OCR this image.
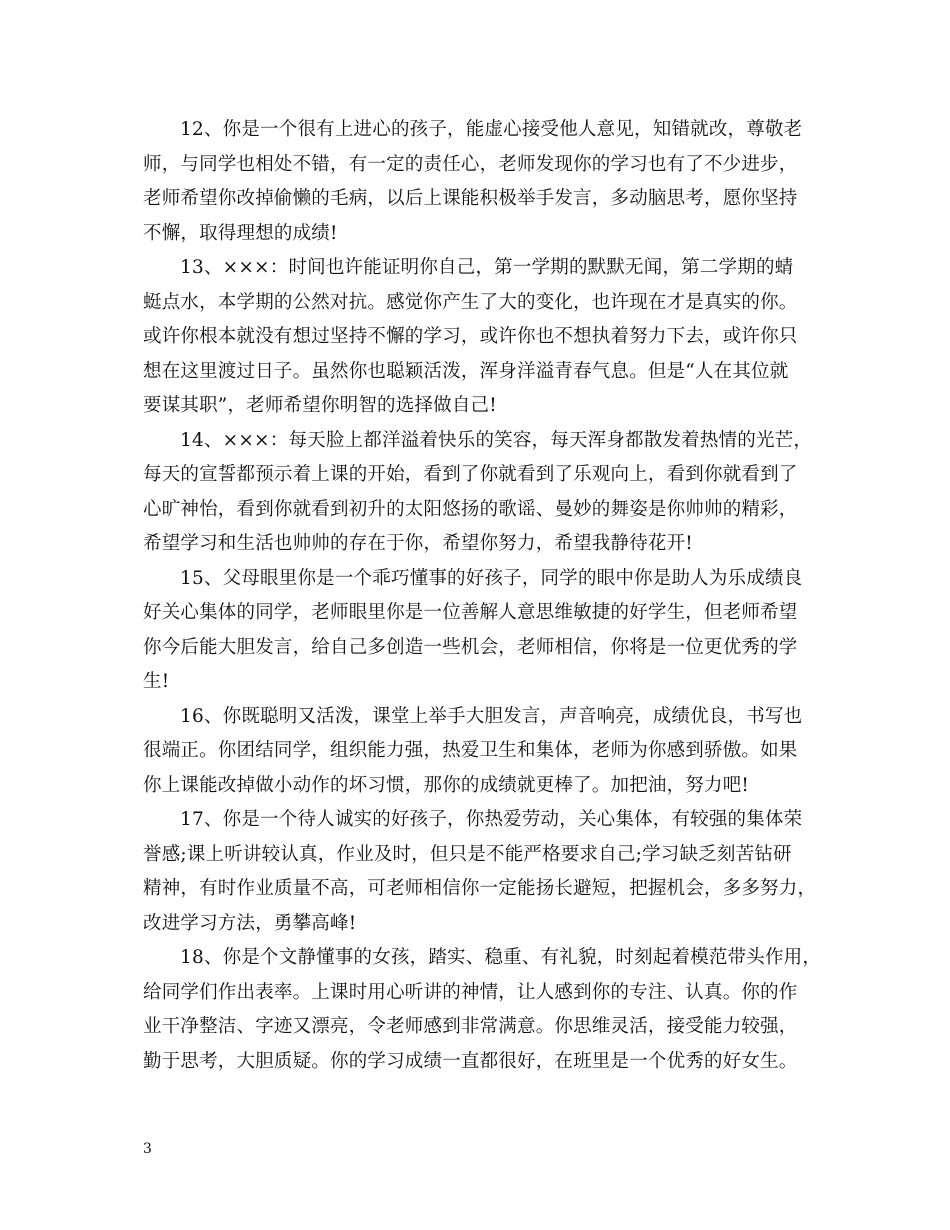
12、你是一个很有上进心的孩子，能虚心接受他人意见，知错就改，尊敬老
师，与同学也相处不错，有一定的责任心，老师发现你的学习也有了不少进步，
老师希望你改掉偷懒的毛病，以后上课能积极举手发言，多动脑思考，愿你坚持
不懈，取得理想的成绩!

13、×××：时间也许能证明你自己，第一学期的默默无闻，第二学期的蜻
蜓点水，本学期的公然对抗。感觉你产生了大的变化，也许现在才是真实的你。
或许你根本就没有想过坚持不懈的学习，或许你也不想执着努力下去，或许你只
想在这里渡过日子。虽然你也聪颖活泼，浑身洋溢青春气息。但是“人在其位就
要谋其职”，老师希望你明智的选择做自己!

14、×××：每天脸上都洋溢着快乐的笑容，每天浑身都散发着热情的光芒，
每天的宣誓都预示着上课的开始，看到了你就看到了乐观向上，看到你就看到了
心旷神怡，看到你就看到初升的太阳悠扬的歌谣、曼妙的舞姿是你帅帅的精彩，
希望学习和生活也帅帅的存在于你，希望你努力，希望我静待花开!

15、父母眼里你是一个乖巧懂事的好孩子，同学的眼中你是助人为乐成绩良
好关心集体的同学，老师眼里你是一位善解人意思维敏捷的好学生，但老师希望
你今后能大胆发言，给自己多创造一些机会，老师相信，你将是一位更优秀的学
生!

16、你既聪明又活泼，课堂上举手大胆发言，声音响亮，成绩优良，书写也
很端正。你团结同学，组织能力强，热爱卫生和集体，老师为你感到骄傲。如果
你上课能改掉做小动作的坏习惯，那你的成绩就更棒了。加把油，努力吧!

17、你是一个待人诚实的好孩子，你热爱劳动，关心集体，有较强的集体荣
誉感;课上听讲较认真，作业及时，但只是不能严格要求自己;学习缺乏刻苦钻研
精神，有时作业质量不高，可老师相信你一定能扬长避短，把握机会，多多努力，
改进学习方法，勇攀高峰!

18、你是个文静懂事的女孩，踏实、稳重、有礼貌，时刻起着模范带头作用，
给同学们作出表率。上课时用心听讲的神情，让人感到你的专注、认真。你的作
业干净整洁、字迹又漂亮，令老师感到非常满意。你思维灵活，接受能力较强，
勤于思考，大胆质疑。你的学习成绩一直都很好，在班里是一个优秀的好女生。

3
